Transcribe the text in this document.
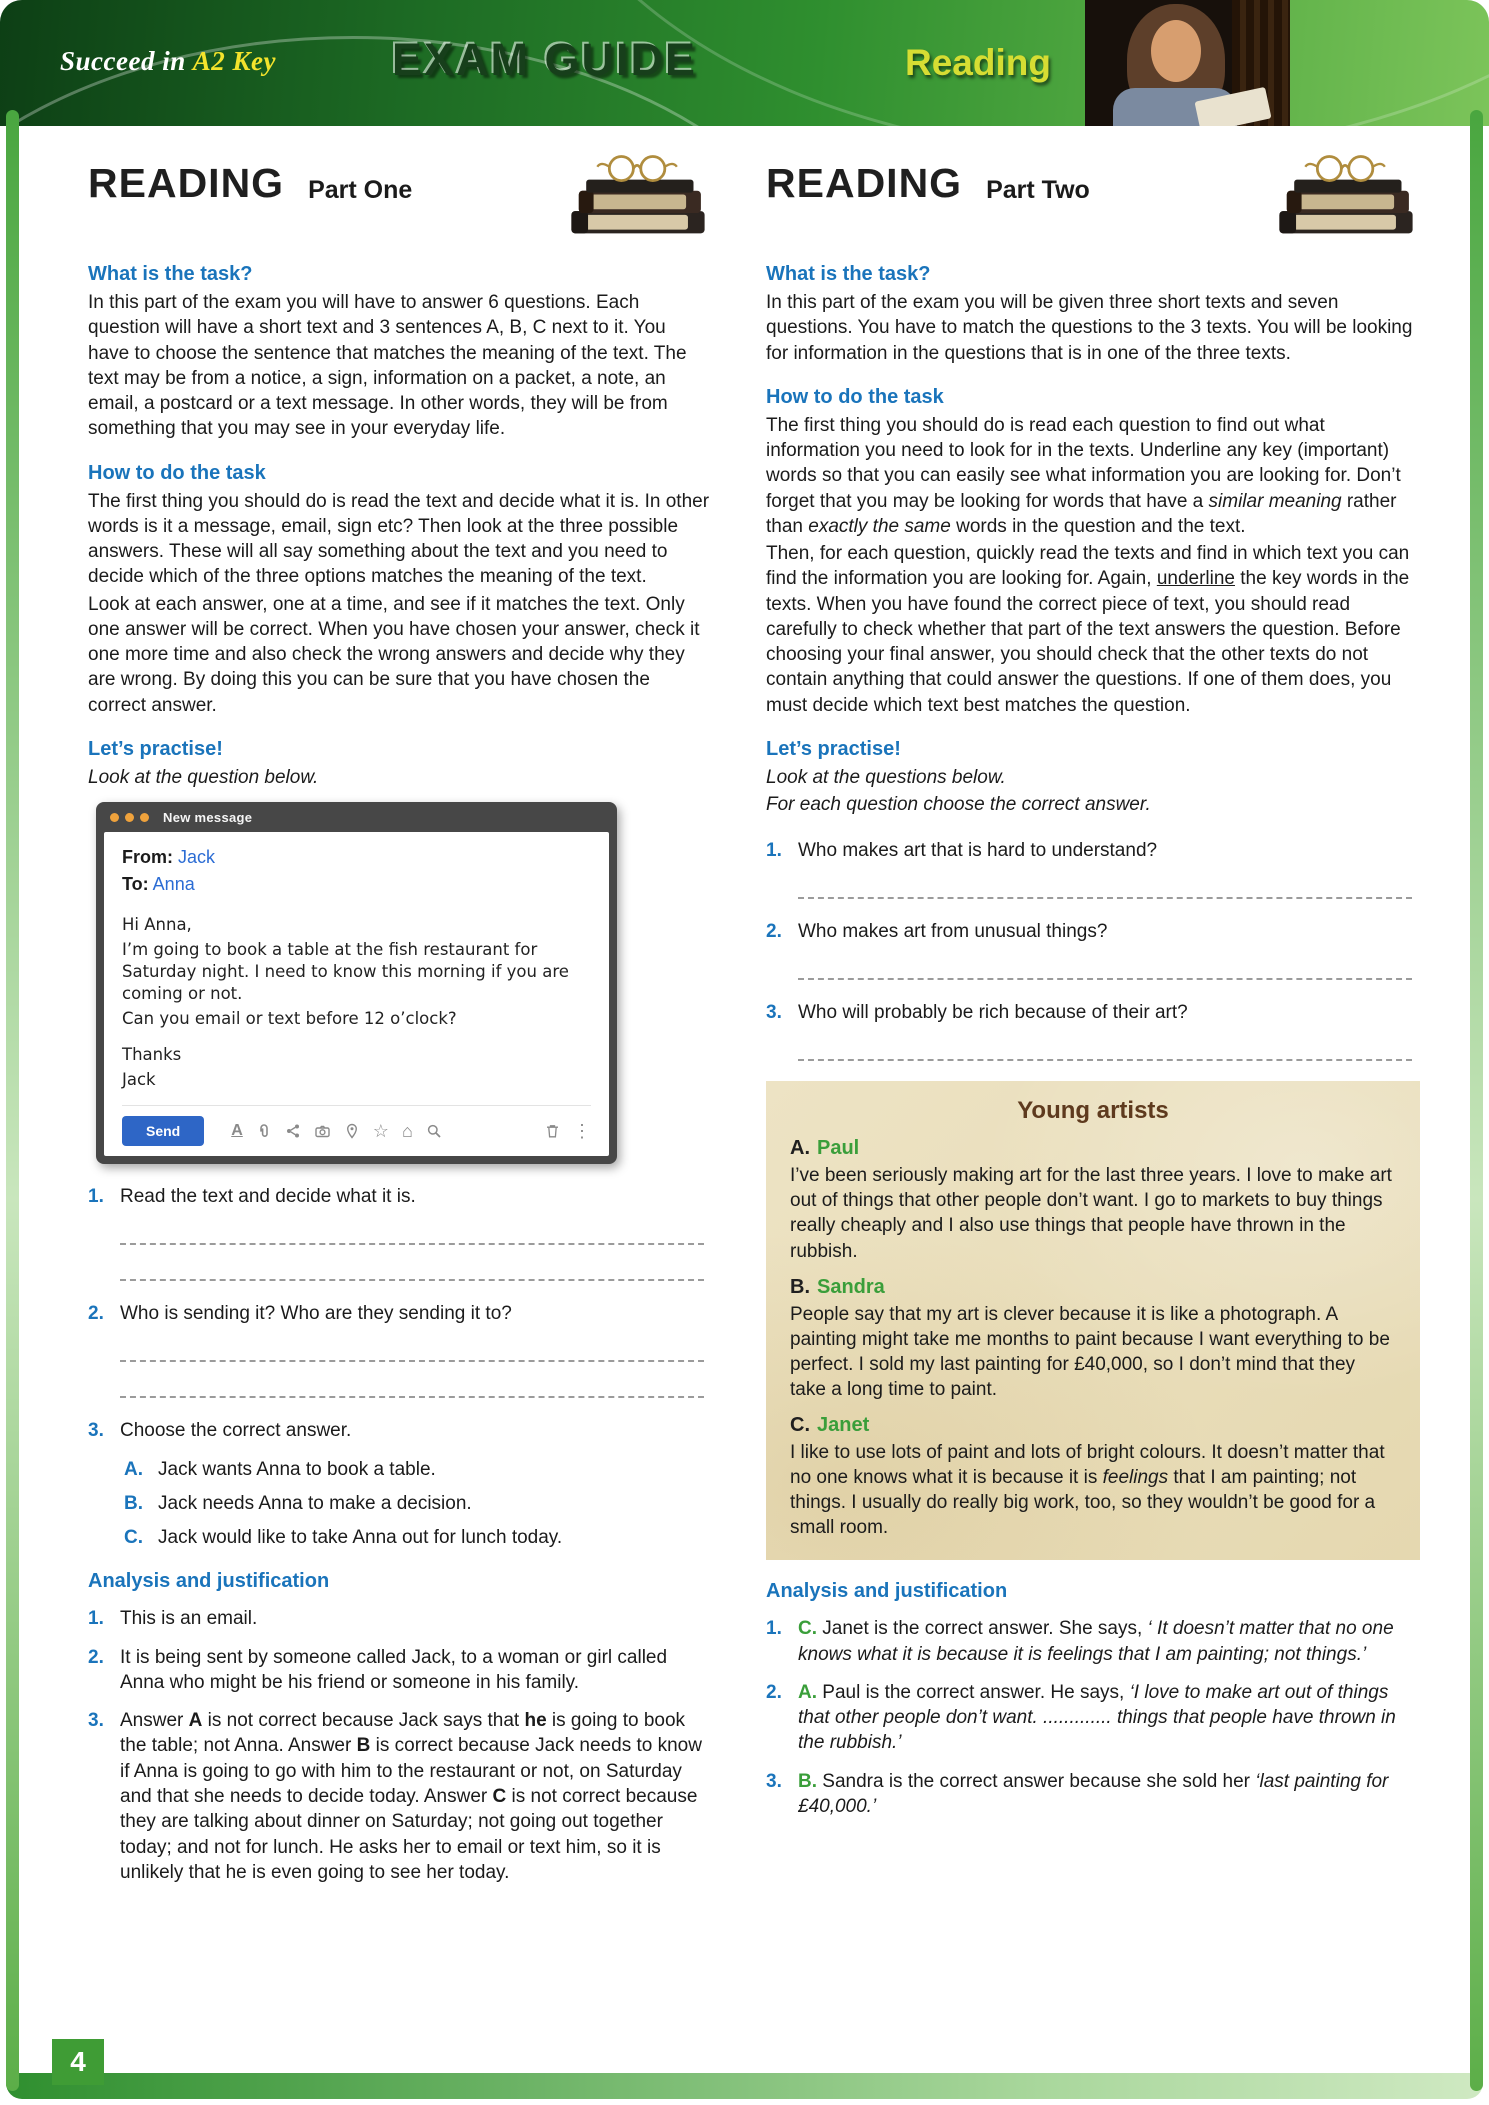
Succeed in A2 Key	EXAM GUIDE	Reading
4
READING Part One
What is the task?

In this part of the exam you will have to answer 6 questions. Each question will have a short text and 3 sentences A, B, C next to it. You have to choose the sentence that matches the meaning of the text. The text may be from a notice, a sign, information on a packet, a note, an email, a postcard or a text message. In other words, they will be from something that you may see in your everyday life.

How to do the task

The first thing you should do is read the text and decide what it is. In other words is it a message, email, sign etc? Then look at the three possible answers. These will all say something about the text and you need to decide which of the three options matches the meaning of the text.

Look at each answer, one at a time, and see if it matches the text. Only one answer will be correct. When you have chosen your answer, check it one more time and also check the wrong answers and decide why they are wrong. By doing this you can be sure that you have chosen the correct answer.

Let’s practise!

Look at the question below.

New message
From: Jack
To: Anna

Hi Anna,

I’m going to book a table at the fish restaurant for Saturday night. I need to know this morning if you are coming or not.

Can you email or text before 12 o’clock?

Thanks

Jack

Send	A	☆ ⌂	⋮
1. Read the text and decide what it is.
2. Who is sending it? Who are they sending it to?
3. Choose the correct answer.
A. Jack wants Anna to book a table.
B. Jack needs Anna to make a decision.
C. Jack would like to take Anna out for lunch today.
Analysis and justification
1. This is an email.
2. It is being sent by someone called Jack, to a woman or girl called Anna who might be his friend or someone in his family.
3. Answer A is not correct because Jack says that he is going to book the table; not Anna. Answer B is correct because Jack needs to know if Anna is going to go with him to the restaurant or not, on Saturday and that she needs to decide today. Answer C is not correct because they are talking about dinner on Saturday; not going out together today; and not for lunch. He asks her to email or text him, so it is unlikely that he is even going to see her today.
READING Part Two
What is the task?

In this part of the exam you will be given three short texts and seven questions. You have to match the questions to the 3 texts. You will be looking for information in the questions that is in one of the three texts.

How to do the task

The first thing you should do is read each question to find out what information you need to look for in the texts. Underline any key (important) words so that you can easily see what information you are looking for. Don’t forget that you may be looking for words that have a similar meaning rather than exactly the same words in the question and the text.

Then, for each question, quickly read the texts and find in which text you can find the information you are looking for. Again, underline the key words in the texts. When you have found the correct piece of text, you should read carefully to check whether that part of the text answers the question. Before choosing your final answer, you should check that the other texts do not contain anything that could answer the questions. If one of them does, you must decide which text best matches the question.

Let’s practise!

Look at the questions below.

For each question choose the correct answer.

1. Who makes art that is hard to understand?
2. Who makes art from unusual things?
3. Who will probably be rich because of their art?
Young artists
A. Paul

I’ve been seriously making art for the last three years. I love to make art out of things that other people don’t want. I go to markets to buy things really cheaply and I also use things that people have thrown in the rubbish.

B. Sandra

People say that my art is clever because it is like a photograph. A painting might take me months to paint because I want everything to be perfect. I sold my last painting for £40,000, so I don’t mind that they take a long time to paint.

C. Janet

I like to use lots of paint and lots of bright colours. It doesn’t matter that no one knows what it is because it is feelings that I am painting; not things. I usually do really big work, too, so they wouldn’t be good for a small room.

Analysis and justification
1. C. Janet is the correct answer. She says, ‘ It doesn’t matter that no one knows what it is because it is feelings that I am painting; not things.’
2. A. Paul is the correct answer. He says, ‘I love to make art out of things that other people don’t want. ............. things that people have thrown in the rubbish.’
3. B. Sandra is the correct answer because she sold her ‘last painting for £40,000.’
